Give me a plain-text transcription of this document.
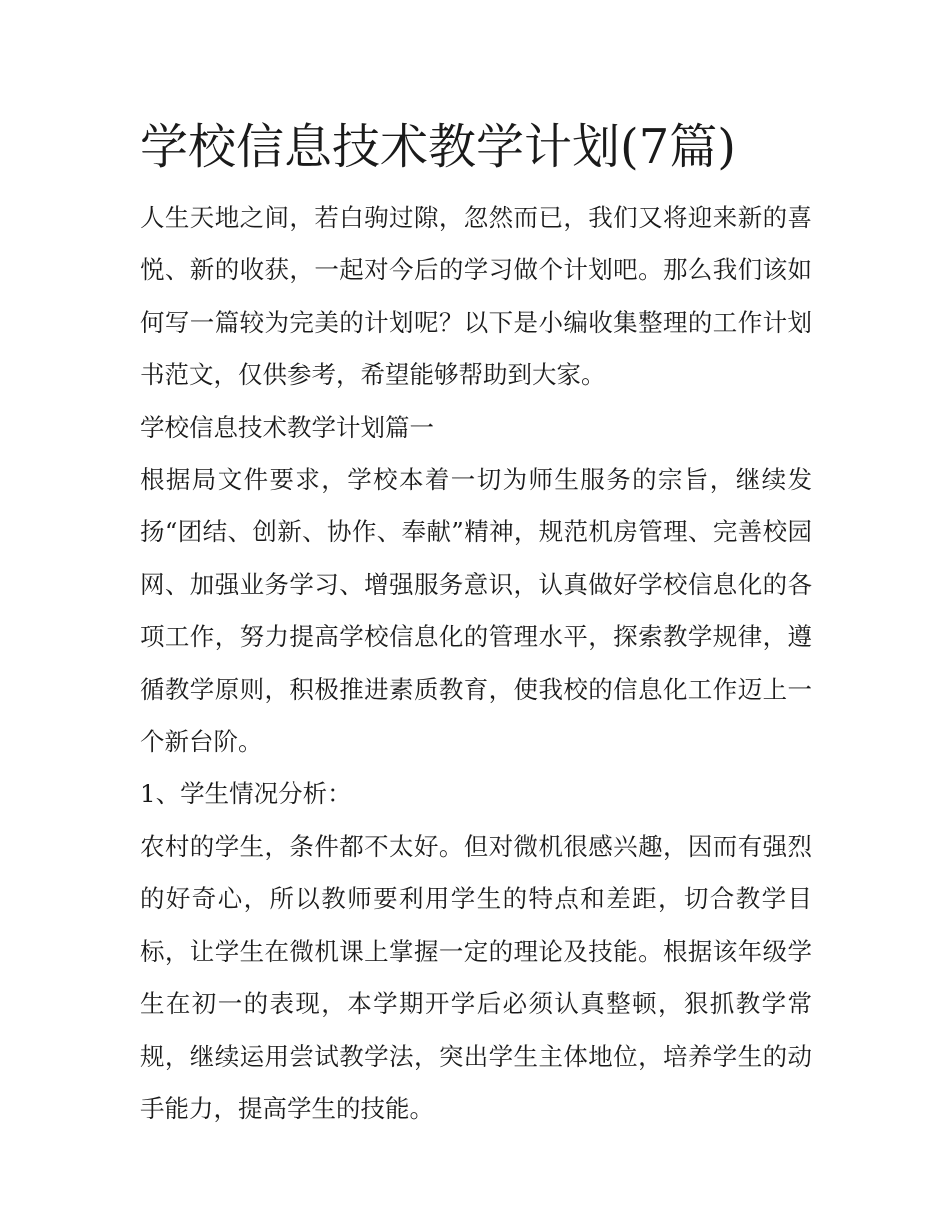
学校信息技术教学计划(7篇)

人生天地之间，若白驹过隙，忽然而已，我们又将迎来新的喜悦、新的收获，一起对今后的学习做个计划吧。那么我们该如何写一篇较为完美的计划呢？以下是小编收集整理的工作计划书范文，仅供参考，希望能够帮助到大家。

学校信息技术教学计划篇一

根据局文件要求，学校本着一切为师生服务的宗旨，继续发扬“团结、创新、协作、奉献”精神，规范机房管理、完善校园网、加强业务学习、增强服务意识，认真做好学校信息化的各项工作，努力提高学校信息化的管理水平，探索教学规律，遵循教学原则，积极推进素质教育，使我校的信息化工作迈上一个新台阶。

1、学生情况分析：

农村的学生，条件都不太好。但对微机很感兴趣，因而有强烈的好奇心，所以教师要利用学生的特点和差距，切合教学目标，让学生在微机课上掌握一定的理论及技能。根据该年级学生在初一的表现，本学期开学后必须认真整顿，狠抓教学常规，继续运用尝试教学法，突出学生主体地位，培养学生的动手能力，提高学生的技能。
